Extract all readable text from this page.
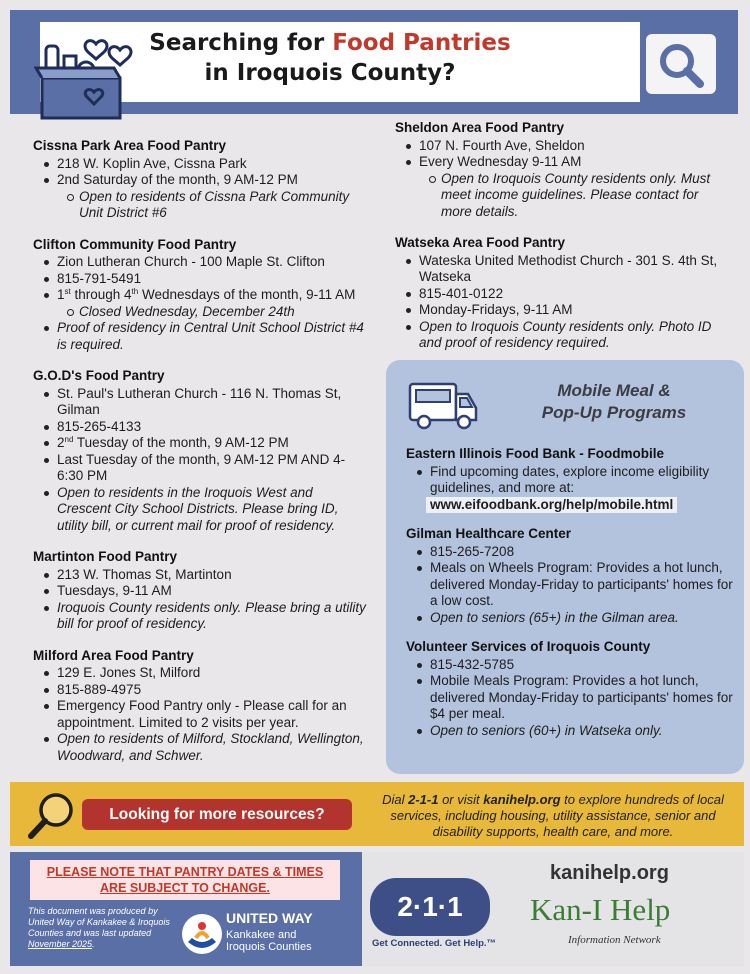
Searching for Food Pantries
in Iroquois County?
Cissna Park Area Food Pantry
218 W. Koplin Ave, Cissna Park
2nd Saturday of the month, 9 AM-12 PM
Open to residents of Cissna Park Community Unit District #6
Clifton Community Food Pantry
Zion Lutheran Church - 100 Maple St. Clifton
815-791-5491
1st through 4th Wednesdays of the month, 9-11 AM
Closed Wednesday, December 24th
Proof of residency in Central Unit School District #4 is required.
G.O.D's Food Pantry
St. Paul's Lutheran Church - 116 N. Thomas St, Gilman
815-265-4133
2nd Tuesday of the month, 9 AM-12 PM
Last Tuesday of the month, 9 AM-12 PM AND 4-6:30 PM
Open to residents in the Iroquois West and Crescent City School Districts. Please bring ID, utility bill, or current mail for proof of residency.
Martinton Food Pantry
213 W. Thomas St, Martinton
Tuesdays, 9-11 AM
Iroquois County residents only. Please bring a utility bill for proof of residency.
Milford Area Food Pantry
129 E. Jones St, Milford
815-889-4975
Emergency Food Pantry only - Please call for an appointment. Limited to 2 visits per year.
Open to residents of Milford, Stockland, Wellington, Woodward, and Schwer.
Sheldon Area Food Pantry
107 N. Fourth Ave, Sheldon
Every Wednesday 9-11 AM
Open to Iroquois County residents only. Must meet income guidelines. Please contact for more details.
Watseka Area Food Pantry
Wateska United Methodist Church - 301 S. 4th St, Watseka
815-401-0122
Monday-Fridays, 9-11 AM
Open to Iroquois County residents only. Photo ID and proof of residency required.
Mobile Meal &
Pop-Up Programs
Eastern Illinois Food Bank - Foodmobile
Find upcoming dates, explore income eligibility guidelines, and more at:
www.eifoodbank.org/help/mobile.html
Gilman Healthcare Center
815-265-7208
Meals on Wheels Program: Provides a hot lunch, delivered Monday-Friday to participants' homes for a low cost.
Open to seniors (65+) in the Gilman area.
Volunteer Services of Iroquois County
815-432-5785
Mobile Meals Program: Provides a hot lunch, delivered Monday-Friday to participants' homes for $4 per meal.
Open to seniors (60+) in Watseka only.
Looking for more resources?
Dial 2-1-1 or visit kanihelp.org to explore hundreds of local services, including housing, utility assistance, senior and disability supports, health care, and more.
PLEASE NOTE THAT PANTRY DATES & TIMES
ARE SUBJECT TO CHANGE.
This document was produced by United Way of Kankakee & Iroquois Counties and was last updated November 2025.
UNITED WAY
Kankakee and
Iroquois Counties
2·1·1
Get Connected. Get Help.™
kanihelp.org
Kan-I Help
Information Network
